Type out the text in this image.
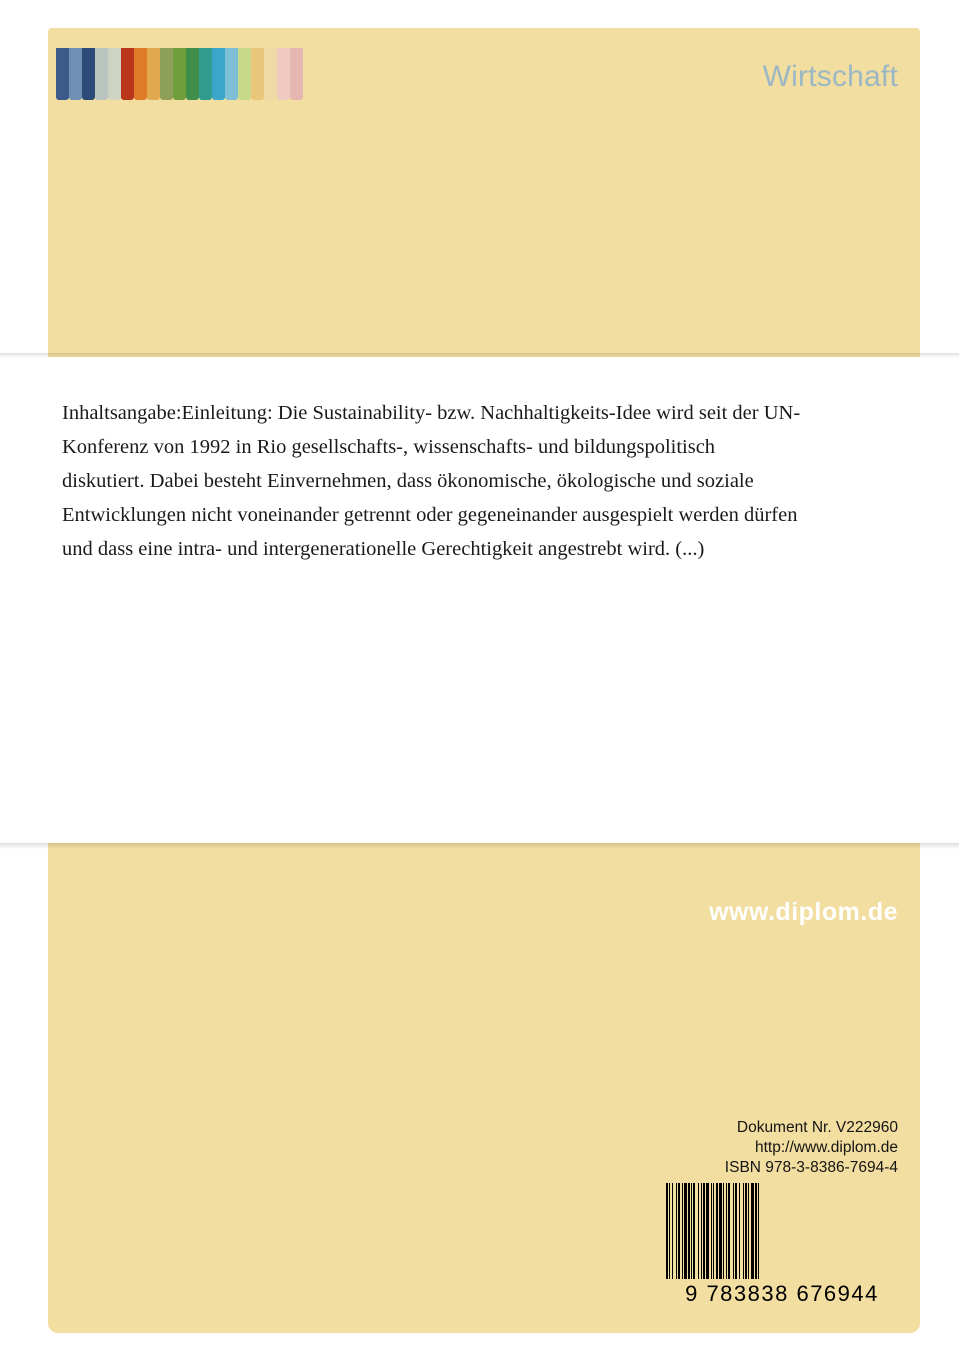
Wirtschaft
www.diplom.de
Dokument Nr. V222960
http://www.diplom.de
ISBN 978-3-8386-7694-4
9 783838 676944
Inhaltsangabe:Einleitung: Die Sustainability- bzw. Nachhaltigkeits-Idee wird seit der UN-Konferenz von 1992 in Rio gesellschafts-, wissenschafts- und bildungspolitisch diskutiert. Dabei besteht Einvernehmen, dass ökonomische, ökologische und soziale Entwicklungen nicht voneinander getrennt oder gegeneinander ausgespielt werden dürfen und dass eine intra- und intergenerationelle Gerechtigkeit angestrebt wird. (...)
